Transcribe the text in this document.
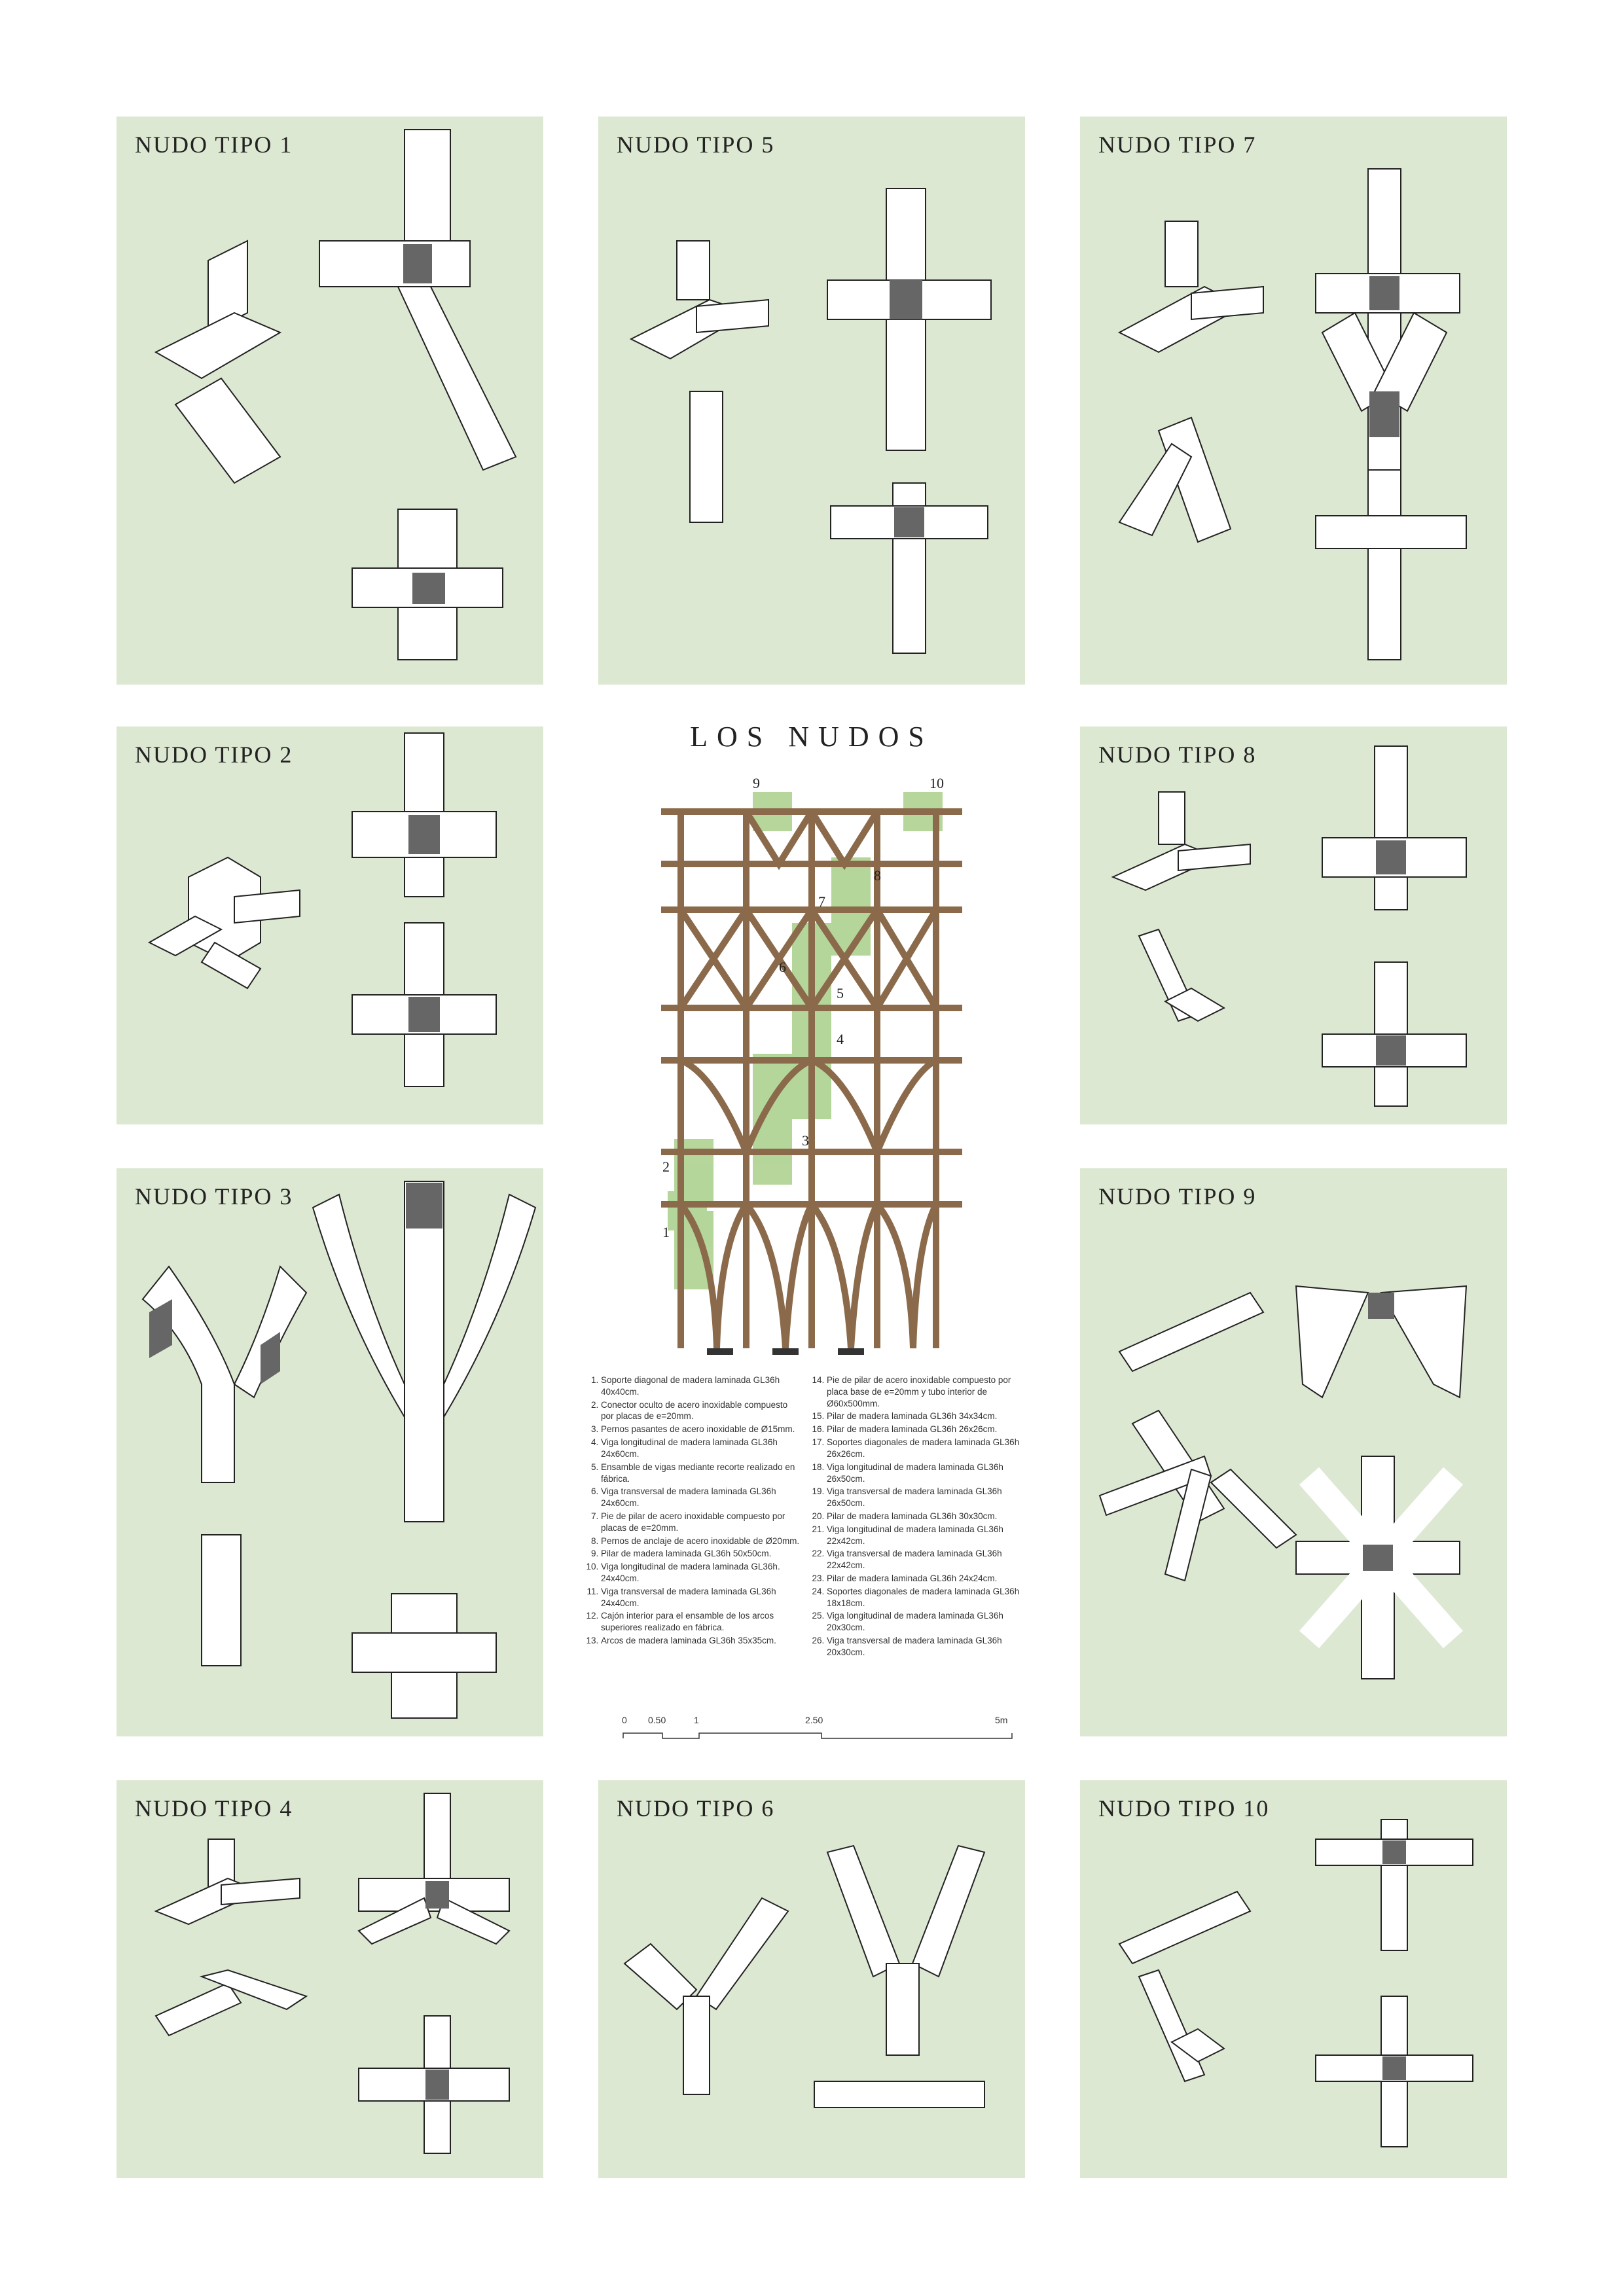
NUDO TIPO 1	NUDO TIPO 5	NUDO TIPO 7
NUDO TIPO 2
LOS NUDOS
9	10
8
7
6
5
4
3
2
1
NUDO TIPO 8
NUDO TIPO 3	NUDO TIPO 9
NUDO TIPO 4	NUDO TIPO 6	NUDO TIPO 10
1. Soporte diagonal de madera laminada GL36h 40x40cm.
2. Conector oculto de acero inoxidable compuesto por placas de e=20mm.
3. Pernos pasantes de acero inoxidable de Ø15mm.
4. Viga longitudinal de madera laminada GL36h 24x60cm.
5. Ensamble de vigas mediante recorte realizado en fábrica.
6. Viga transversal de madera laminada GL36h 24x60cm.
7. Pie de pilar de acero inoxidable compuesto por placas de e=20mm.
8. Pernos de anclaje de acero inoxidable de Ø20mm.
9. Pilar de madera laminada GL36h 50x50cm.
10. Viga longitudinal de madera laminada GL36h. 24x40cm.
11. Viga transversal de madera laminada GL36h 24x40cm.
12. Cajón interior para el ensamble de los arcos superiores realizado en fábrica.
13. Arcos de madera laminada GL36h 35x35cm.
14. Pie de pilar de acero inoxidable compuesto por placa base de e=20mm y tubo interior de Ø60x500mm.
15. Pilar de madera laminada GL36h 34x34cm.
16. Pilar de madera laminada GL36h 26x26cm.
17. Soportes diagonales de madera laminada GL36h 26x26cm.
18. Viga longitudinal de madera laminada GL36h 26x50cm.
19. Viga transversal de madera laminada GL36h 26x50cm.
20. Pilar de madera laminada GL36h 30x30cm.
21. Viga longitudinal de madera laminada GL36h 22x42cm.
22. Viga transversal de madera laminada GL36h 22x42cm.
23. Pilar de madera laminada GL36h 24x24cm.
24. Soportes diagonales de madera laminada GL36h 18x18cm.
25. Viga longitudinal de madera laminada GL36h 20x30cm.
26. Viga transversal de madera laminada GL36h 20x30cm.
0 0.50	1	2.50	5m
